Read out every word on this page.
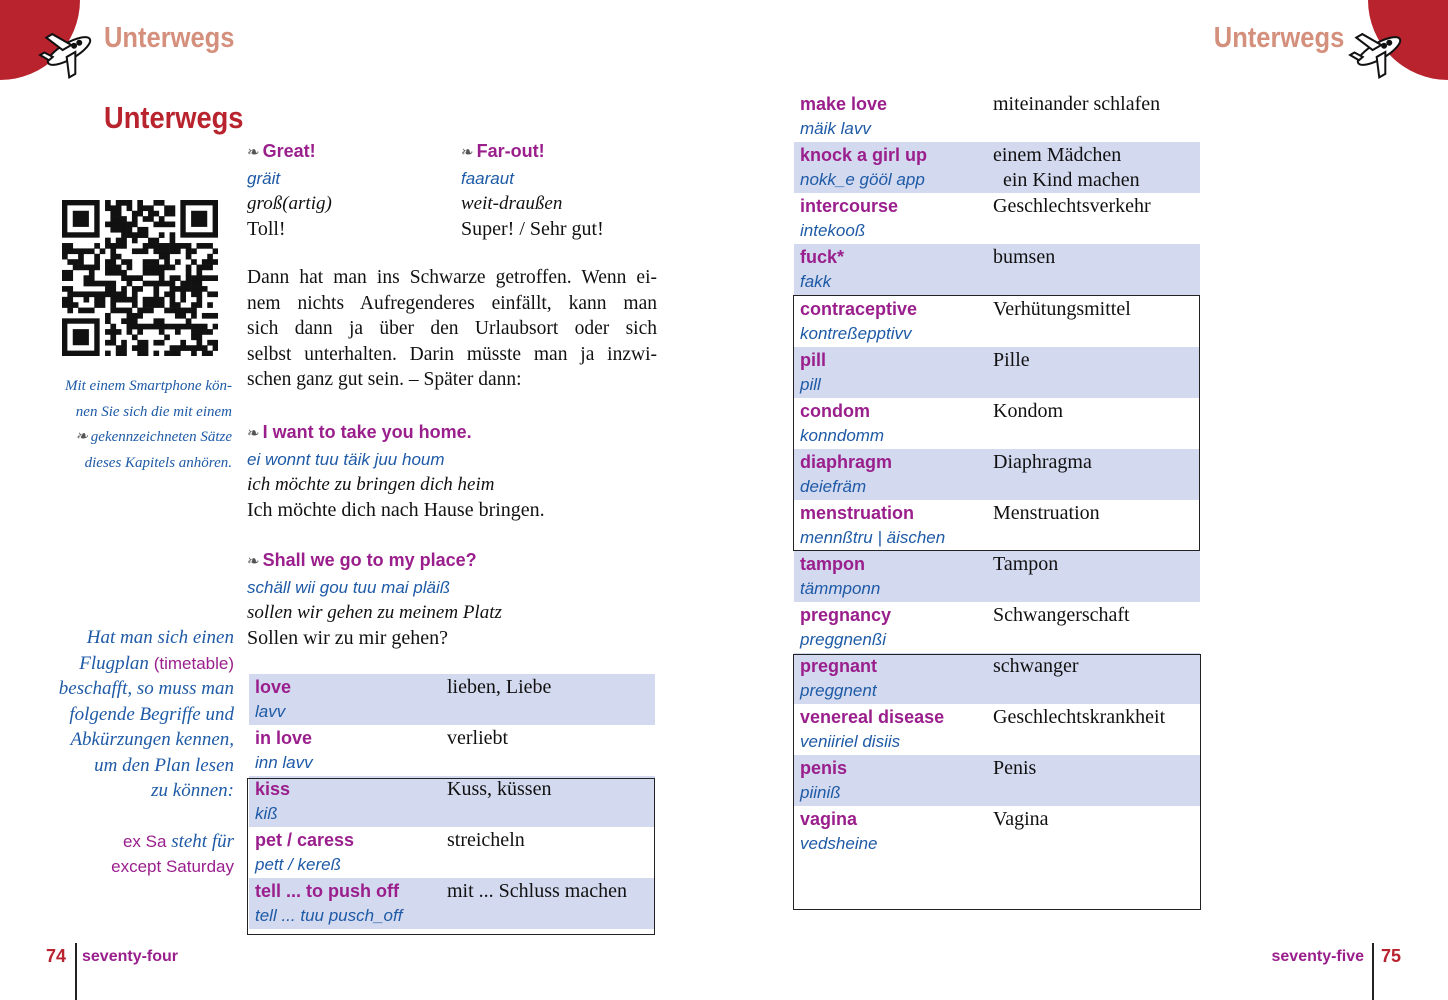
Unterwegs
Unterwegs
Mit einem Smartphone kön-
nen Sie sich die mit einem
❧ gekennzeichneten Sätze
dieses Kapitels anhören.
❧ Great!
gräit
groß(artig)
Toll!
❧ Far-out!
faaraut
weit-draußen
Super! / Sehr gut!
Dann hat man ins Schwarze getroffen. Wenn ei-
nem nichts Aufregenderes einfällt, kann man
sich dann ja über den Urlaubsort oder sich
selbst unterhalten. Darin müsste man ja inzwi-
schen ganz gut sein. – Später dann:
❧ I want to take you home.
ei wonnt tuu täik juu houm
ich möchte zu bringen dich heim
Ich möchte dich nach Hause bringen.
❧ Shall we go to my place?
schäll wii gou tuu mai pläiß
sollen wir gehen zu meinem Platz
Sollen wir zu mir gehen?
Hat man sich einen
Flugplan (timetable)
beschafft, so muss man
folgende Begriffe und
Abkürzungen kennen,
um den Plan lesen
zu können:
ex Sa steht für
except Saturday
love
lavv
lieben, Liebe
in love
inn lavv
verliebt
kiss
kiß
Kuss, küssen
pet / caress
pett / kereß
streicheln
tell ... to push off
tell ... tuu pusch_off
mit ... Schluss machen
74 seventy-four
Unterwegs
make love
mäik lavv
miteinander schlafen
knock a girl up
nokk_e gööl app
einem Mädchen
ein Kind machen
intercourse
intekooß
Geschlechtsverkehr
fuck*
fakk
bumsen
contraceptive
kontreßepptivv
Verhütungsmittel
pill
pill
Pille
condom
konndomm
Kondom
diaphragm
deiefräm
Diaphragma
menstruation
mennßtru | äischen
Menstruation
tampon
tämmponn
Tampon
pregnancy
preggnenßi
Schwangerschaft
pregnant
preggnent
schwanger
venereal disease
veniiriel disiis
Geschlechtskrankheit
penis
piiniß
Penis
vagina
vedsheine
Vagina
seventy-five 75
